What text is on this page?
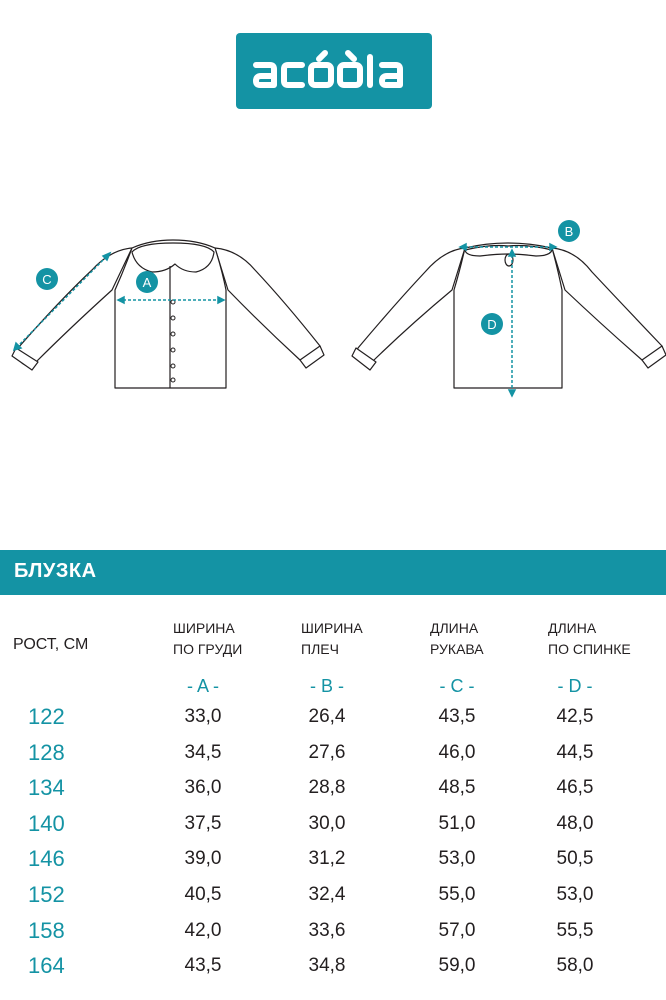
A
C
B
D
БЛУЗКА
РОСТ, СМ
ШИРИНА
ПО ГРУДИ
ШИРИНА
ПЛЕЧ
ДЛИНА
РУКАВА
ДЛИНА
ПО СПИНКЕ
- A -	- B -	- C -	- D -
122	33,0	26,4	43,5	42,5
128	34,5	27,6	46,0	44,5
134	36,0	28,8	48,5	46,5
140	37,5	30,0	51,0	48,0
146	39,0	31,2	53,0	50,5
152	40,5	32,4	55,0	53,0
158	42,0	33,6	57,0	55,5
164	43,5	34,8	59,0	58,0
